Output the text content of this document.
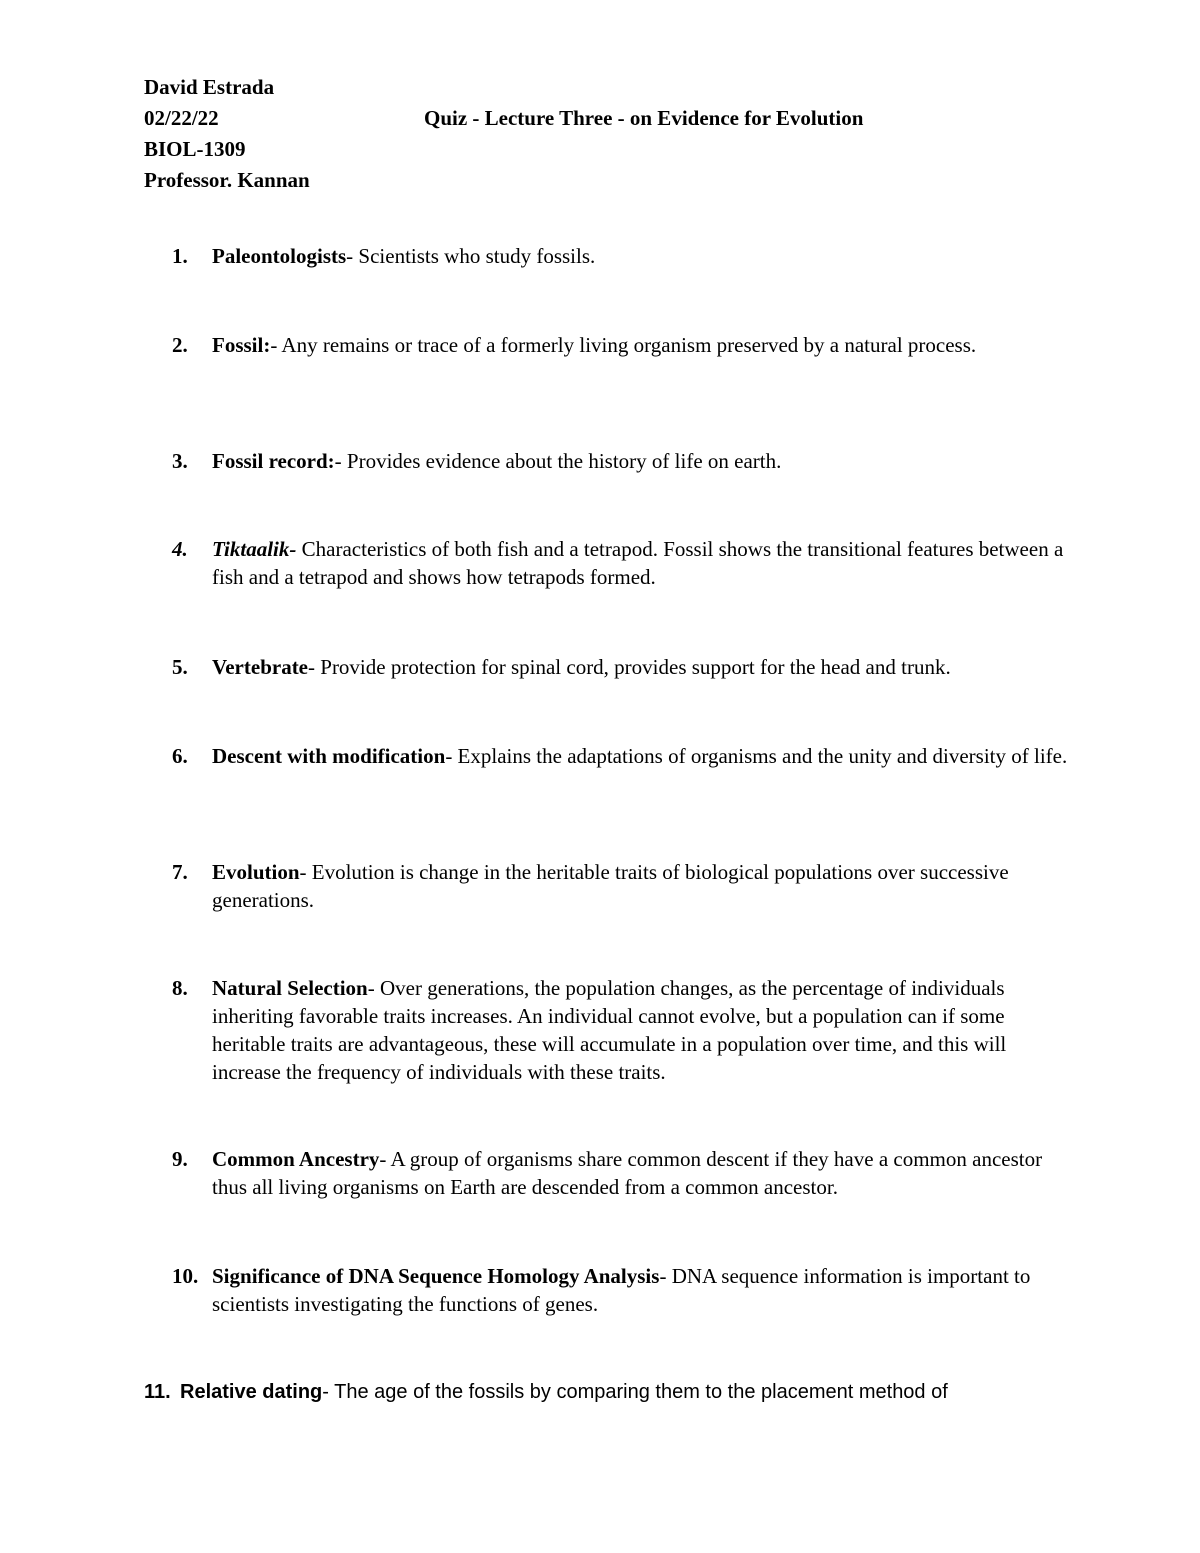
David Estrada
02/22/22	Quiz - Lecture Three - on Evidence for Evolution
BIOL-1309
Professor. Kannan
1.	Paleontologists- Scientists who study fossils.
2.	Fossil:- Any remains or trace of a formerly living organism preserved by a natural process.
3.	Fossil record:- Provides evidence about the history of life on earth.
4.	Tiktaalik- Characteristics of both fish and a tetrapod. Fossil shows the transitional features between a fish and a tetrapod and shows how tetrapods formed.
5.	Vertebrate- Provide protection for spinal cord, provides support for the head and trunk.
6.	Descent with modification- Explains the adaptations of organisms and the unity and diversity of life.
7.	Evolution- Evolution is change in the heritable traits of biological populations over successive generations.
8.	Natural Selection- Over generations, the population changes, as the percentage of individuals inheriting favorable traits increases. An individual cannot evolve, but a population can if some heritable traits are advantageous, these will accumulate in a population over time, and this will increase the frequency of individuals with these traits.
9.	Common Ancestry- A group of organisms share common descent if they have a common ancestor thus all living organisms on Earth are descended from a common ancestor.
10. Significance of DNA Sequence Homology Analysis- DNA sequence information is important to scientists investigating the functions of genes.
11. Relative dating- The age of the fossils by comparing them to the placement method of
